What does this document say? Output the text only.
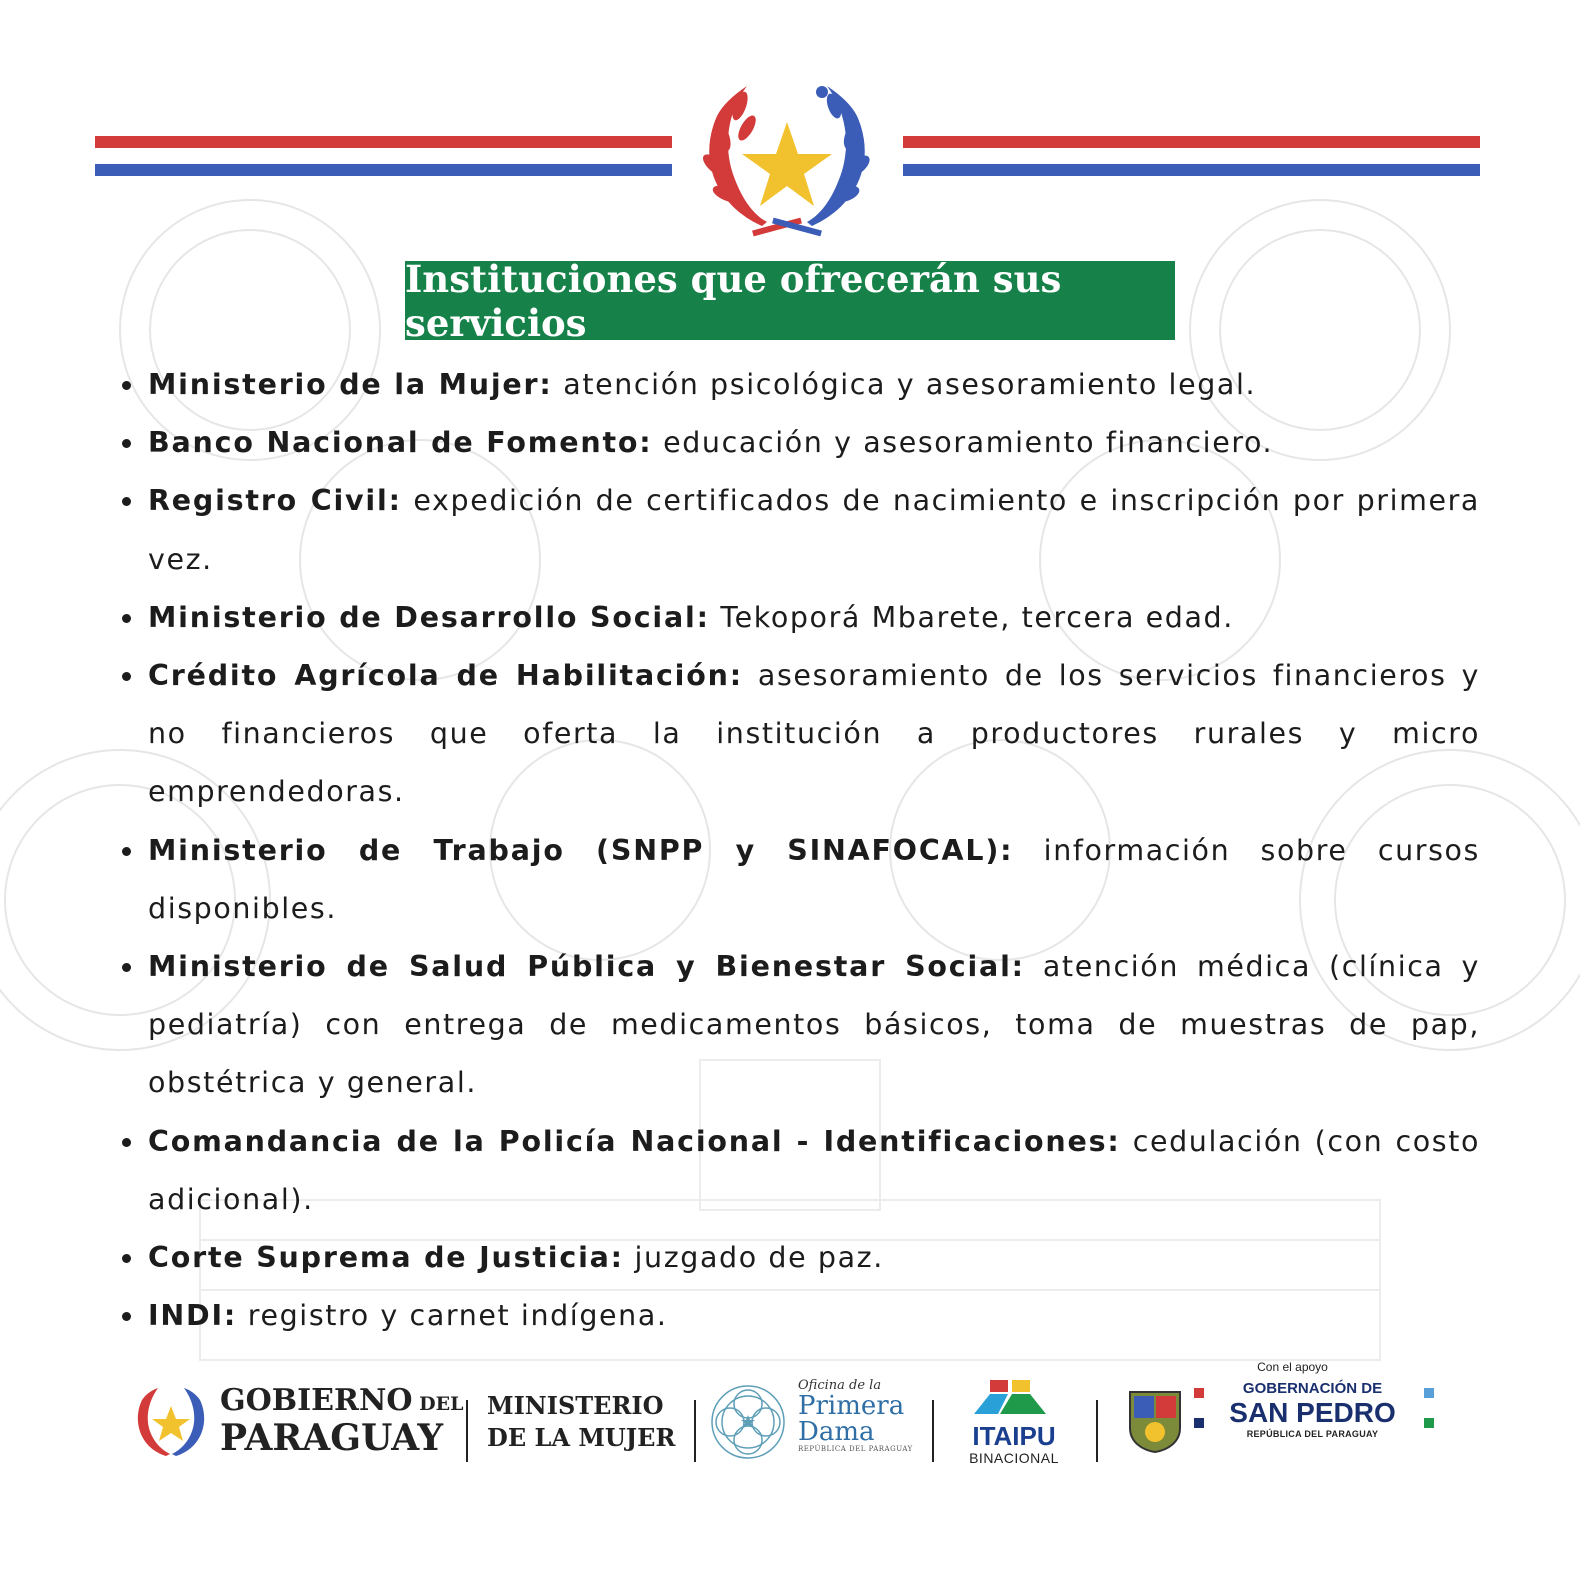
Instituciones que ofrecerán sus servicios
Ministerio de la Mujer: atención psicológica y asesoramiento legal.
Banco Nacional de Fomento: educación y asesoramiento financiero.
Registro Civil: expedición de certificados de nacimiento e inscripción por primera vez.
Ministerio de Desarrollo Social: Tekoporá Mbarete, tercera edad.
Crédito Agrícola de Habilitación: asesoramiento de los servicios financieros y no financieros que oferta la institución a productores rurales y micro emprendedoras.
Ministerio de Trabajo (SNPP y SINAFOCAL): información sobre cursos disponibles.
Ministerio de Salud Pública y Bienestar Social: atención médica (clínica y pediatría) con entrega de medicamentos básicos, toma de muestras de pap, obstétrica y general.
Comandancia de la Policía Nacional - Identificaciones: cedulación (con costo adicional).
Corte Suprema de Justicia: juzgado de paz.
INDI: registro y carnet indígena.
GOBIERNO DEL
PARAGUAY
MINISTERIO
DE LA MUJER
Oficina de la
Primera
Dama
REPÚBLICA DEL PARAGUAY	ITAIPU
BINACIONAL
Con el apoyo
GOBERNACIÓN DE
SAN PEDRO
REPÚBLICA DEL PARAGUAY
